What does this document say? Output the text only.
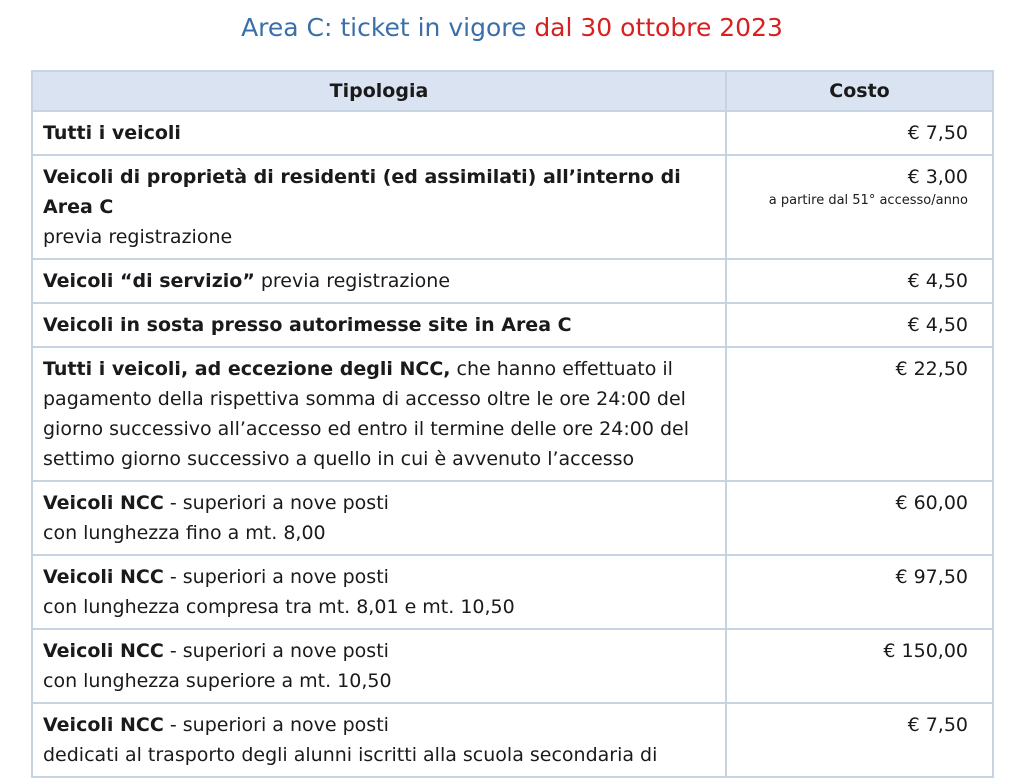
Area C: ticket in vigore dal 30 ottobre 2023
Tipologia	Costo
Tutti i veicoli	€ 7,50

Veicoli di proprietà di residenti (ed assimilati) all’interno di Area C
previa registrazione	€ 3,00
a partire dal 51° accesso/anno

Veicoli “di servizio” previa registrazione	€ 4,50
Veicoli in sosta presso autorimesse site in Area C	€ 4,50
Tutti i veicoli, ad eccezione degli NCC, che hanno effettuato il pagamento della rispettiva somma di accesso oltre le ore 24:00 del giorno successivo all’accesso ed entro il termine delle ore 24:00 del settimo giorno successivo a quello in cui è avvenuto l’accesso	€ 22,50

Veicoli NCC - superiori a nove posti
con lunghezza fino a mt. 8,00	€ 60,00

Veicoli NCC - superiori a nove posti
con lunghezza compresa tra mt. 8,01 e mt. 10,50	€ 97,50

Veicoli NCC - superiori a nove posti
con lunghezza superiore a mt. 10,50	€ 150,00

Veicoli NCC - superiori a nove posti
dedicati al trasporto degli alunni iscritti alla scuola secondaria di	€ 7,50
